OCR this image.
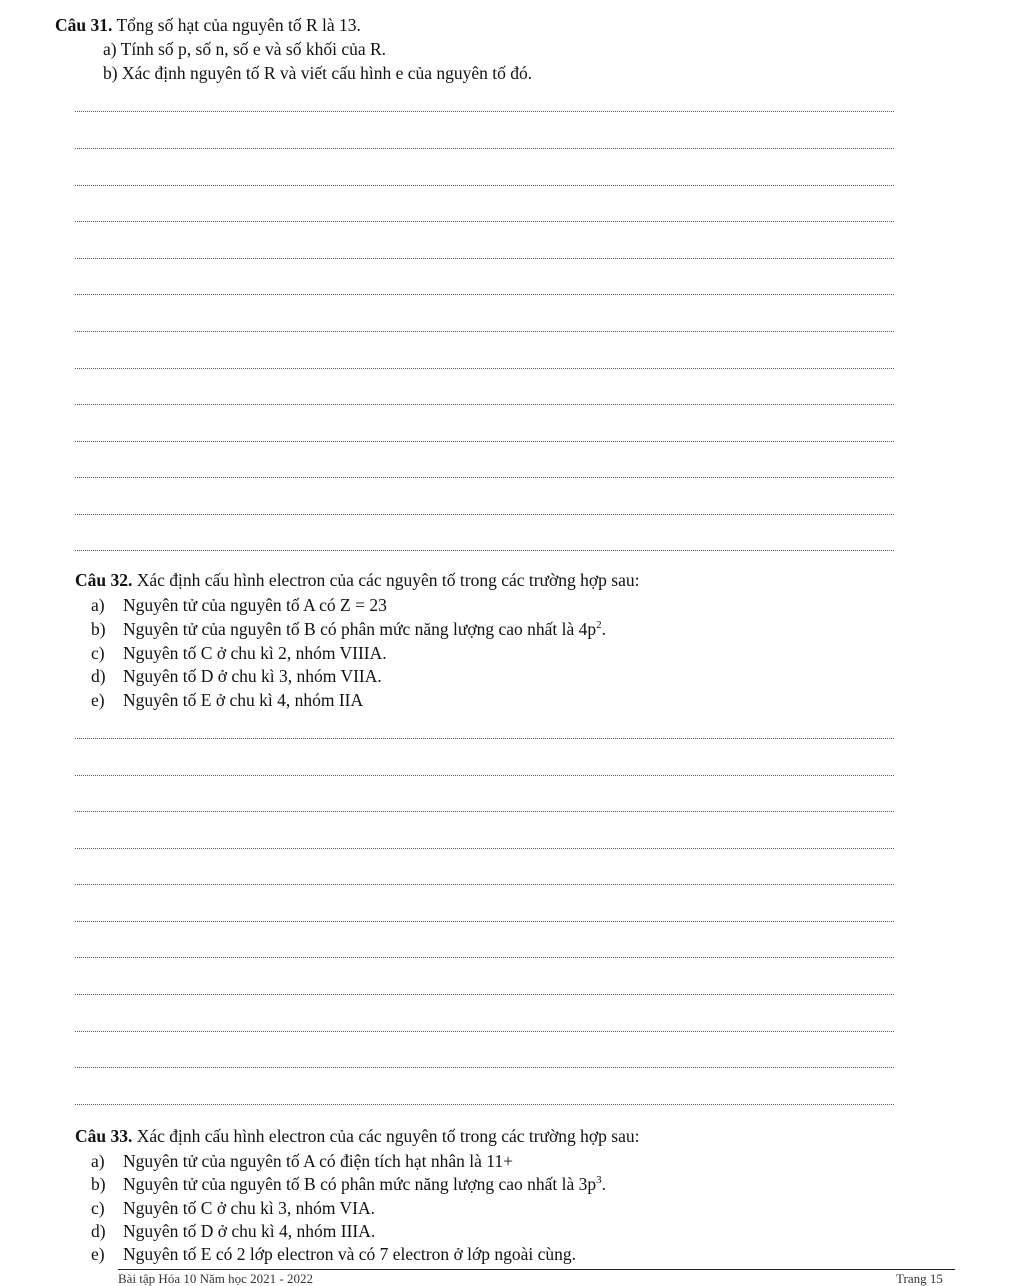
Câu 31. Tổng số hạt của nguyên tố R là 13.
a) Tính số p, số n, số e và số khối của R.
b) Xác định nguyên tố R và viết cấu hình e của nguyên tố đó.
Câu 32. Xác định cấu hình electron của các nguyên tố trong các trường hợp sau:
a) Nguyên tử của nguyên tố A có Z = 23
b) Nguyên tử của nguyên tố B có phân mức năng lượng cao nhất là $4p^2$.
c) Nguyên tố C ở chu kì 2, nhóm VIIIA.
d) Nguyên tố D ở chu kì 3, nhóm VIIA.
e) Nguyên tố E ở chu kì 4, nhóm IIA
Câu 33. Xác định cấu hình electron của các nguyên tố trong các trường hợp sau:
a) Nguyên tử của nguyên tố A có điện tích hạt nhân là 11+
b) Nguyên tử của nguyên tố B có phân mức năng lượng cao nhất là $3p^3$.
c) Nguyên tố C ở chu kì 3, nhóm VIA.
d) Nguyên tố D ở chu kì 4, nhóm IIIA.
e) Nguyên tố E có 2 lớp electron và có 7 electron ở lớp ngoài cùng.
Bài tập Hóa 10 Năm học 2021 - 2022	Trang 15
